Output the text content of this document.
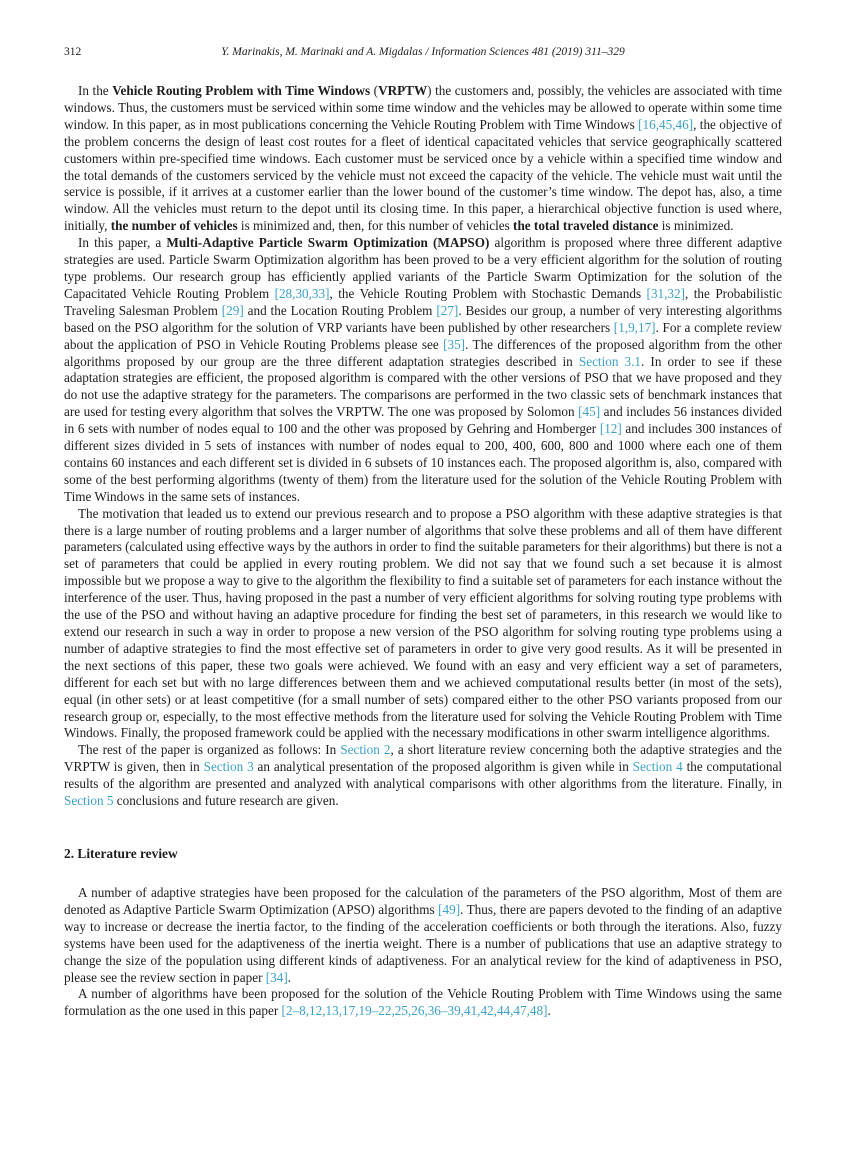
312	Y. Marinakis, M. Marinaki and A. Migdalas / Information Sciences 481 (2019) 311–329

In the Vehicle Routing Problem with Time Windows (VRPTW) the customers and, possibly, the vehicles are associated with time windows. Thus, the customers must be serviced within some time window and the vehicles may be allowed to operate within some time window. In this paper, as in most publications concerning the Vehicle Routing Problem with Time Windows [16,45,46], the objective of the problem concerns the design of least cost routes for a fleet of identical capacitated vehicles that service geographically scattered customers within pre-specified time windows. Each customer must be serviced once by a vehicle within a specified time window and the total demands of the customers serviced by the vehicle must not exceed the capacity of the vehicle. The vehicle must wait until the service is possible, if it arrives at a customer earlier than the lower bound of the customer’s time window. The depot has, also, a time window. All the vehicles must return to the depot until its closing time. In this paper, a hierarchical objective function is used where, initially, the number of vehicles is minimized and, then, for this number of vehicles the total traveled distance is minimized.

In this paper, a Multi-Adaptive Particle Swarm Optimization (MAPSO) algorithm is proposed where three different adaptive strategies are used. Particle Swarm Optimization algorithm has been proved to be a very efficient algorithm for the solution of routing type problems. Our research group has efficiently applied variants of the Particle Swarm Optimization for the solution of the Capacitated Vehicle Routing Problem [28,30,33], the Vehicle Routing Problem with Stochastic Demands [31,32], the Probabilistic Traveling Salesman Problem [29] and the Location Routing Problem [27]. Besides our group, a number of very interesting algorithms based on the PSO algorithm for the solution of VRP variants have been published by other researchers [1,9,17]. For a complete review about the application of PSO in Vehicle Routing Problems please see [35]. The differences of the proposed algorithm from the other algorithms proposed by our group are the three different adaptation strategies described in Section 3.1. In order to see if these adaptation strategies are efficient, the proposed algorithm is compared with the other versions of PSO that we have proposed and they do not use the adaptive strategy for the parameters. The comparisons are performed in the two classic sets of benchmark instances that are used for testing every algorithm that solves the VRPTW. The one was proposed by Solomon [45] and includes 56 instances divided in 6 sets with number of nodes equal to 100 and the other was proposed by Gehring and Homberger [12] and includes 300 instances of different sizes divided in 5 sets of instances with number of nodes equal to 200, 400, 600, 800 and 1000 where each one of them contains 60 instances and each different set is divided in 6 subsets of 10 instances each. The proposed algorithm is, also, compared with some of the best performing algorithms (twenty of them) from the literature used for the solution of the Vehicle Routing Problem with Time Windows in the same sets of instances.

The motivation that leaded us to extend our previous research and to propose a PSO algorithm with these adaptive strategies is that there is a large number of routing problems and a larger number of algorithms that solve these problems and all of them have different parameters (calculated using effective ways by the authors in order to find the suitable parameters for their algorithms) but there is not a set of parameters that could be applied in every routing problem. We did not say that we found such a set because it is almost impossible but we propose a way to give to the algorithm the flexibility to find a suitable set of parameters for each instance without the interference of the user. Thus, having proposed in the past a number of very efficient algorithms for solving routing type problems with the use of the PSO and without having an adaptive procedure for finding the best set of parameters, in this research we would like to extend our research in such a way in order to propose a new version of the PSO algorithm for solving routing type problems using a number of adaptive strategies to find the most effective set of parameters in order to give very good results. As it will be presented in the next sections of this paper, these two goals were achieved. We found with an easy and very efficient way a set of parameters, different for each set but with no large differences between them and we achieved computational results better (in most of the sets), equal (in other sets) or at least competitive (for a small number of sets) compared either to the other PSO variants proposed from our research group or, especially, to the most effective methods from the literature used for solving the Vehicle Routing Problem with Time Windows. Finally, the proposed framework could be applied with the necessary modifications in other swarm intelligence algorithms.

The rest of the paper is organized as follows: In Section 2, a short literature review concerning both the adaptive strategies and the VRPTW is given, then in Section 3 an analytical presentation of the proposed algorithm is given while in Section 4 the computational results of the algorithm are presented and analyzed with analytical comparisons with other algorithms from the literature. Finally, in Section 5 conclusions and future research are given.

2. Literature review

A number of adaptive strategies have been proposed for the calculation of the parameters of the PSO algorithm, Most of them are denoted as Adaptive Particle Swarm Optimization (APSO) algorithms [49]. Thus, there are papers devoted to the finding of an adaptive way to increase or decrease the inertia factor, to the finding of the acceleration coefficients or both through the iterations. Also, fuzzy systems have been used for the adaptiveness of the inertia weight. There is a number of publications that use an adaptive strategy to change the size of the population using different kinds of adaptiveness. For an analytical review for the kind of adaptiveness in PSO, please see the review section in paper [34].

A number of algorithms have been proposed for the solution of the Vehicle Routing Problem with Time Windows using the same formulation as the one used in this paper [2–8,12,13,17,19–22,25,26,36–39,41,42,44,47,48].
